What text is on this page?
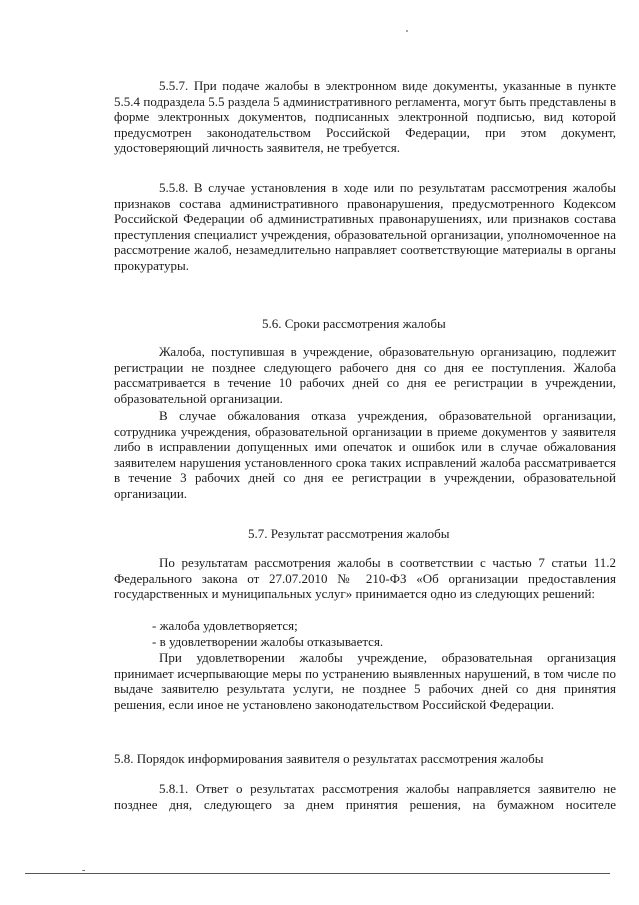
5.5.7. При подаче жалобы в электронном виде документы, указанные в пункте 5.5.4 подраздела 5.5 раздела 5 административного регламента, могут быть представлены в форме электронных документов, подписанных электронной подписью, вид которой предусмотрен законодательством Российской Федерации, при этом документ, удостоверяющий личность заявителя, не требуется.
5.5.8. В случае установления в ходе или по результатам рассмотрения жалобы признаков состава административного правонарушения, предусмотренного Кодексом Российской Федерации об административных правонарушениях, или признаков состава преступления специалист учреждения, образовательной организации, уполномоченное на рассмотрение жалоб, незамедлительно направляет соответствующие материалы в органы прокуратуры.
5.6. Сроки рассмотрения жалобы
Жалоба, поступившая в учреждение, образовательную организацию, подлежит регистрации не позднее следующего рабочего дня со дня ее поступления. Жалоба рассматривается в течение 10 рабочих дней со дня ее регистрации в учреждении, образовательной организации.
В случае обжалования отказа учреждения, образовательной организации, сотрудника учреждения, образовательной организации в приеме документов у заявителя либо в исправлении допущенных ими опечаток и ошибок или в случае обжалования заявителем нарушения установленного срока таких исправлений жалоба рассматривается в течение 3 рабочих дней со дня ее регистрации в учреждении, образовательной организации.
5.7. Результат рассмотрения жалобы
По результатам рассмотрения жалобы в соответствии с частью 7 статьи 11.2 Федерального закона от 27.07.2010 № 210-ФЗ «Об организации предоставления государственных и муниципальных услуг» принимается одно из следующих решений:
- жалоба удовлетворяется;
- в удовлетворении жалобы отказывается.
При удовлетворении жалобы учреждение, образовательная организация принимает исчерпывающие меры по устранению выявленных нарушений, в том числе по выдаче заявителю результата услуги, не позднее 5 рабочих дней со дня принятия решения, если иное не установлено законодательством Российской Федерации.
5.8. Порядок информирования заявителя о результатах рассмотрения жалобы
5.8.1. Ответ о результатах рассмотрения жалобы направляется заявителю не позднее дня, следующего за днем принятия решения, на бумажном носителе
-
